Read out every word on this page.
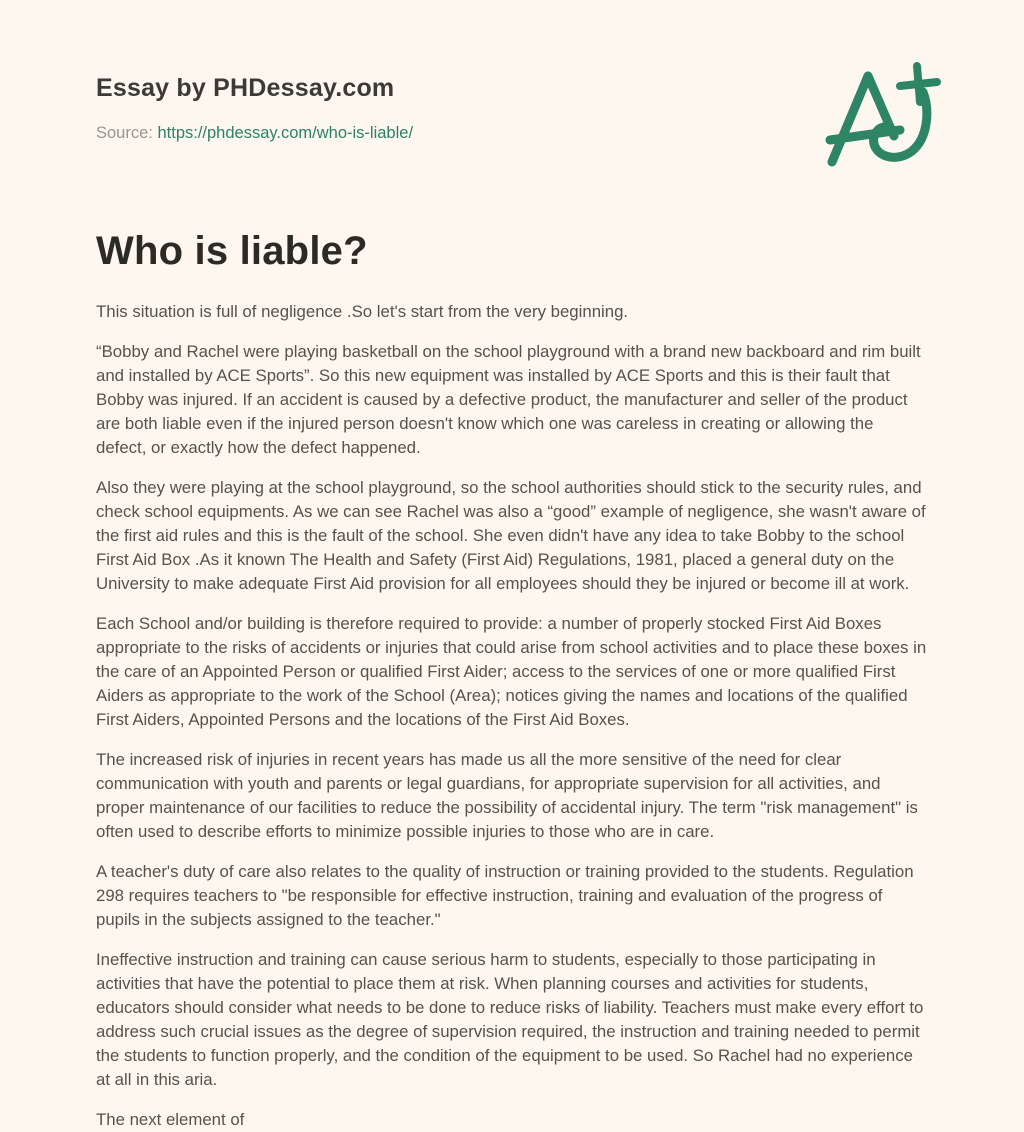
Essay by PHDessay.com
Source: https://phdessay.com/who-is-liable/
Who is liable?

This situation is full of negligence .So let's start from the very beginning.

“Bobby and Rachel were playing basketball on the school playground with a brand new backboard and rim built and installed by ACE Sports”. So this new equipment was installed by ACE Sports and this is their fault that Bobby was injured. If an accident is caused by a defective product, the manufacturer and seller of the product are both liable even if the injured person doesn't know which one was careless in creating or allowing the defect, or exactly how the defect happened.

Also they were playing at the school playground, so the school authorities should stick to the security rules, and check school equipments. As we can see Rachel was also a “good” example of negligence, she wasn't aware of the first aid rules and this is the fault of the school. She even didn't have any idea to take Bobby to the school First Aid Box .As it known The Health and Safety (First Aid) Regulations, 1981, placed a general duty on the University to make adequate First Aid provision for all employees should they be injured or become ill at work.

Each School and/or building is therefore required to provide: a number of properly stocked First Aid Boxes appropriate to the risks of accidents or injuries that could arise from school activities and to place these boxes in the care of an Appointed Person or qualified First Aider; access to the services of one or more qualified First Aiders as appropriate to the work of the School (Area); notices giving the names and locations of the qualified First Aiders, Appointed Persons and the locations of the First Aid Boxes.

The increased risk of injuries in recent years has made us all the more sensitive of the need for clear communication with youth and parents or legal guardians, for appropriate supervision for all activities, and proper maintenance of our facilities to reduce the possibility of accidental injury. The term "risk management" is often used to describe efforts to minimize possible injuries to those who are in care.

A teacher's duty of care also relates to the quality of instruction or training provided to the students. Regulation 298 requires teachers to "be responsible for effective instruction, training and evaluation of the progress of pupils in the subjects assigned to the teacher."

Ineffective instruction and training can cause serious harm to students, especially to those participating in activities that have the potential to place them at risk. When planning courses and activities for students, educators should consider what needs to be done to reduce risks of liability. Teachers must make every effort to address such crucial issues as the degree of supervision required, the instruction and training needed to permit the students to function properly, and the condition of the equipment to be used. So Rachel had no experience at all in this aria.

The next element of
